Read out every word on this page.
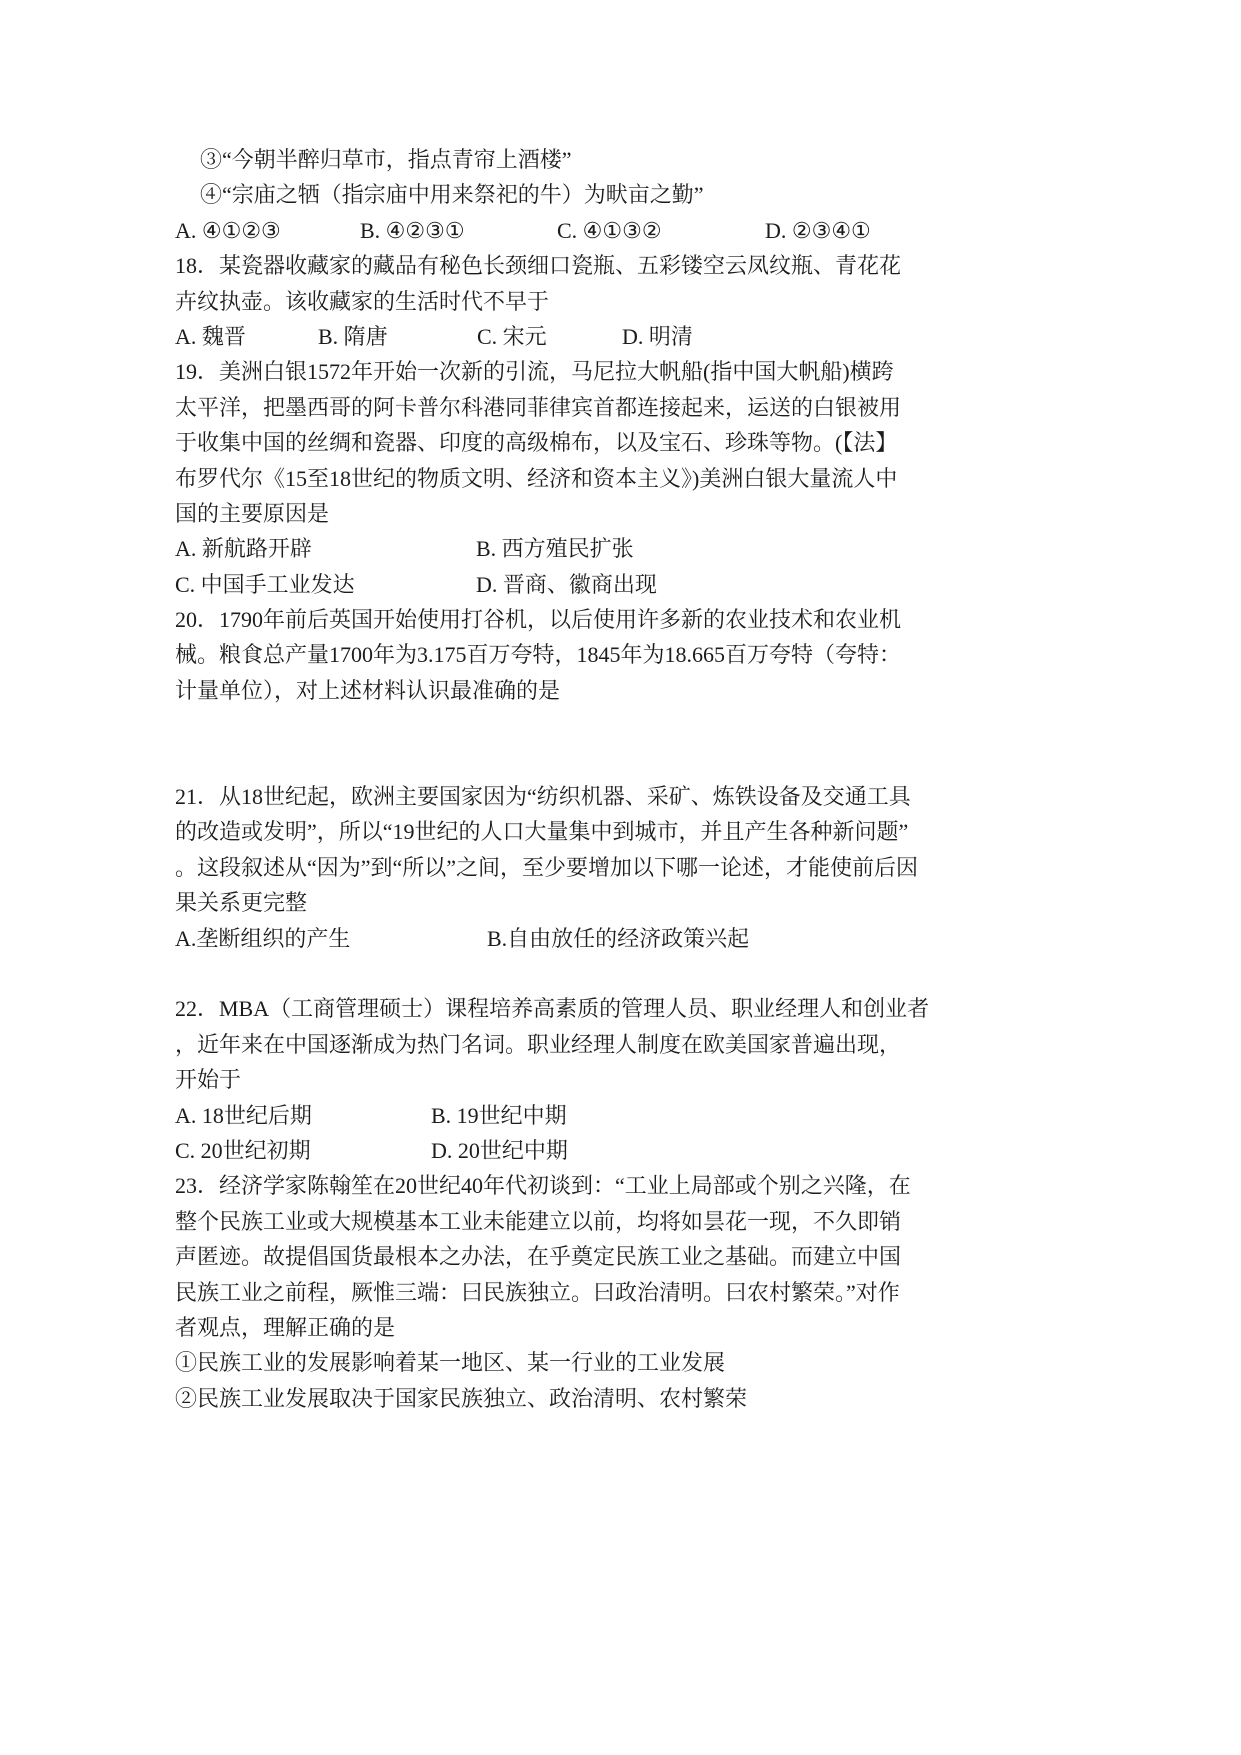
③“今朝半醉归草市，指点青帘上酒楼”
④“宗庙之牺（指宗庙中用来祭祀的牛）为畎亩之勤”
A. ④①②③	B. ④②③①	C. ④①③②	D. ②③④①
18．某瓷器收藏家的藏品有秘色长颈细口瓷瓶、五彩镂空云凤纹瓶、青花花
卉纹执壶。该收藏家的生活时代不早于
A. 魏晋	B. 隋唐	C. 宋元	D. 明清
19．美洲白银1572年开始一次新的引流，马尼拉大帆船(指中国大帆船)横跨
太平洋，把墨西哥的阿卡普尔科港同菲律宾首都连接起来，运送的白银被用
于收集中国的丝绸和瓷器、印度的高级棉布，以及宝石、珍珠等物。(【法】
布罗代尔《15至18世纪的物质文明、经济和资本主义》)美洲白银大量流人中
国的主要原因是
A. 新航路开辟	B. 西方殖民扩张
C. 中国手工业发达	D. 晋商、徽商出现
20．1790年前后英国开始使用打谷机，以后使用许多新的农业技术和农业机
械。粮食总产量1700年为3.175百万夸特，1845年为18.665百万夸特（夸特：
计量单位），对上述材料认识最准确的是
21．从18世纪起，欧洲主要国家因为“纺织机器、采矿、炼铁设备及交通工具
的改造或发明”，所以“19世纪的人口大量集中到城市，并且产生各种新问题”
。这段叙述从“因为”到“所以”之间，至少要增加以下哪一论述，才能使前后因
果关系更完整
A.垄断组织的产生	B.自由放任的经济政策兴起
22．MBA（工商管理硕士）课程培养高素质的管理人员、职业经理人和创业者
，近年来在中国逐渐成为热门名词。职业经理人制度在欧美国家普遍出现，
开始于
A. 18世纪后期	B. 19世纪中期
C. 20世纪初期	D. 20世纪中期
23．经济学家陈翰笙在20世纪40年代初谈到：“工业上局部或个别之兴隆，在
整个民族工业或大规模基本工业未能建立以前，均将如昙花一现，不久即销
声匿迹。故提倡国货最根本之办法，在乎奠定民族工业之基础。而建立中国
民族工业之前程，厥惟三端：曰民族独立。曰政治清明。曰农村繁荣。”对作
者观点，理解正确的是
①民族工业的发展影响着某一地区、某一行业的工业发展
②民族工业发展取决于国家民族独立、政治清明、农村繁荣
